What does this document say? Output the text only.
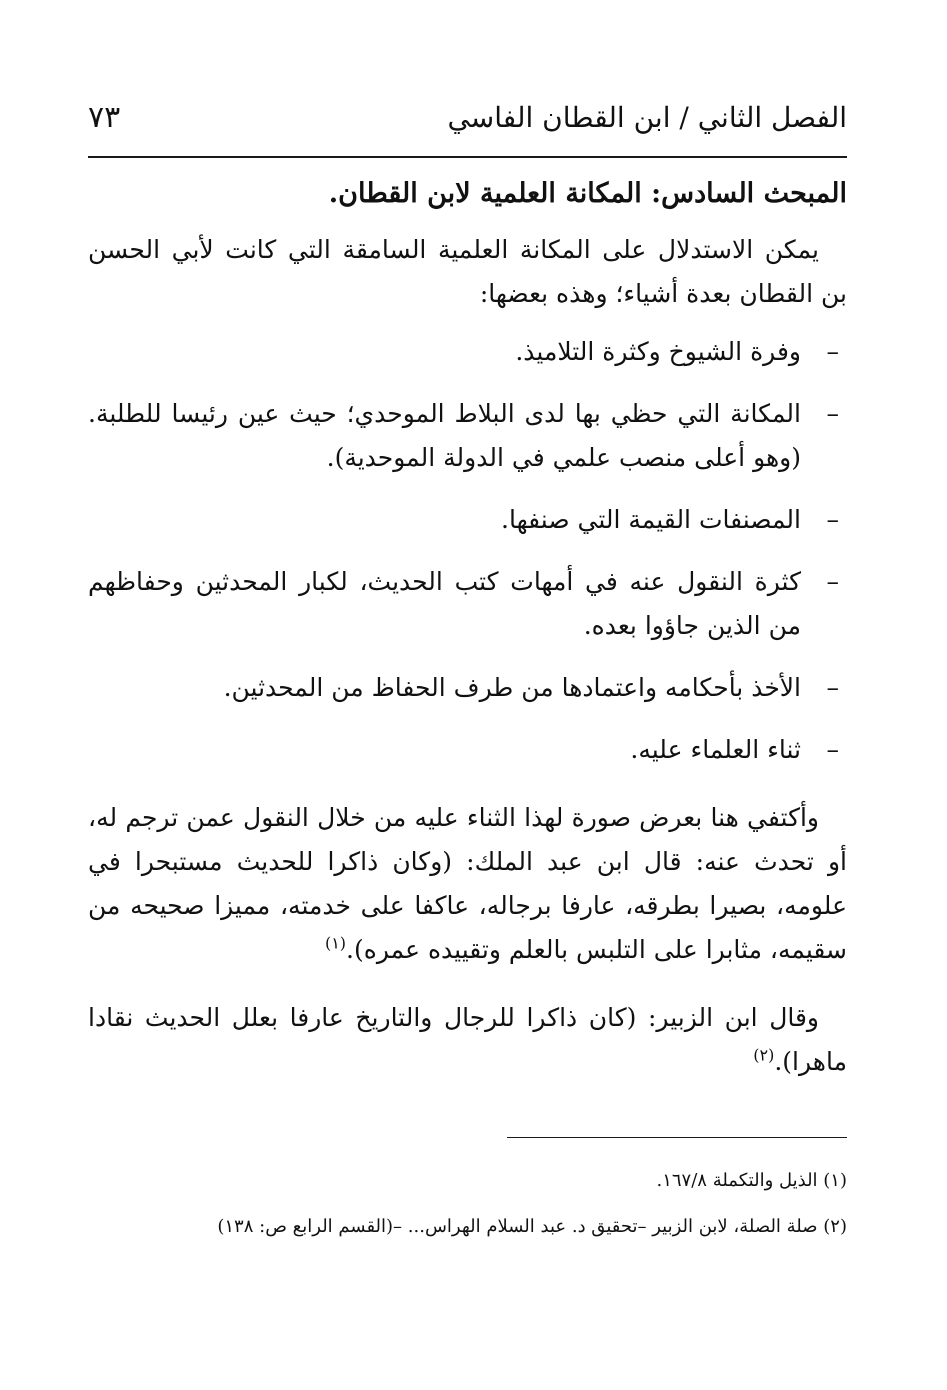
الفصل الثاني / ابن القطان الفاسي
٧٣
المبحث السادس: المكانة العلمية لابن القطان.

يمكن الاستدلال على المكانة العلمية السامقة التي كانت لأبي الحسن بن القطان بعدة أشياء؛ وهذه بعضها:

–
وفرة الشيوخ وكثرة التلاميذ.
–
المكانة التي حظي بها لدى البلاط الموحدي؛ حيث عين رئيسا للطلبة. (وهو أعلى منصب علمي في الدولة الموحدية).
–
المصنفات القيمة التي صنفها.
–
كثرة النقول عنه في أمهات كتب الحديث، لكبار المحدثين وحفاظهم من الذين جاؤوا بعده.
–
الأخذ بأحكامه واعتمادها من طرف الحفاظ من المحدثين.
–
ثناء العلماء عليه.

وأكتفي هنا بعرض صورة لهذا الثناء عليه من خلال النقول عمن ترجم له، أو تحدث عنه: قال ابن عبد الملك: (وكان ذاكرا للحديث مستبحرا في علومه، بصيرا بطرقه، عارفا برجاله، عاكفا على خدمته، مميزا صحيحه من سقيمه، مثابرا على التلبس بالعلم وتقييده عمره).$^{(١)}$

وقال ابن الزبير: (كان ذاكرا للرجال والتاريخ عارفا بعلل الحديث نقادا ماهرا).$^{(٢)}$

(١) الذيل والتكملة ١٦٧/٨.

(٢) صلة الصلة، لابن الزبير –تحقيق د. عبد السلام الهراس... –(القسم الرابع ص: ١٣٨)
